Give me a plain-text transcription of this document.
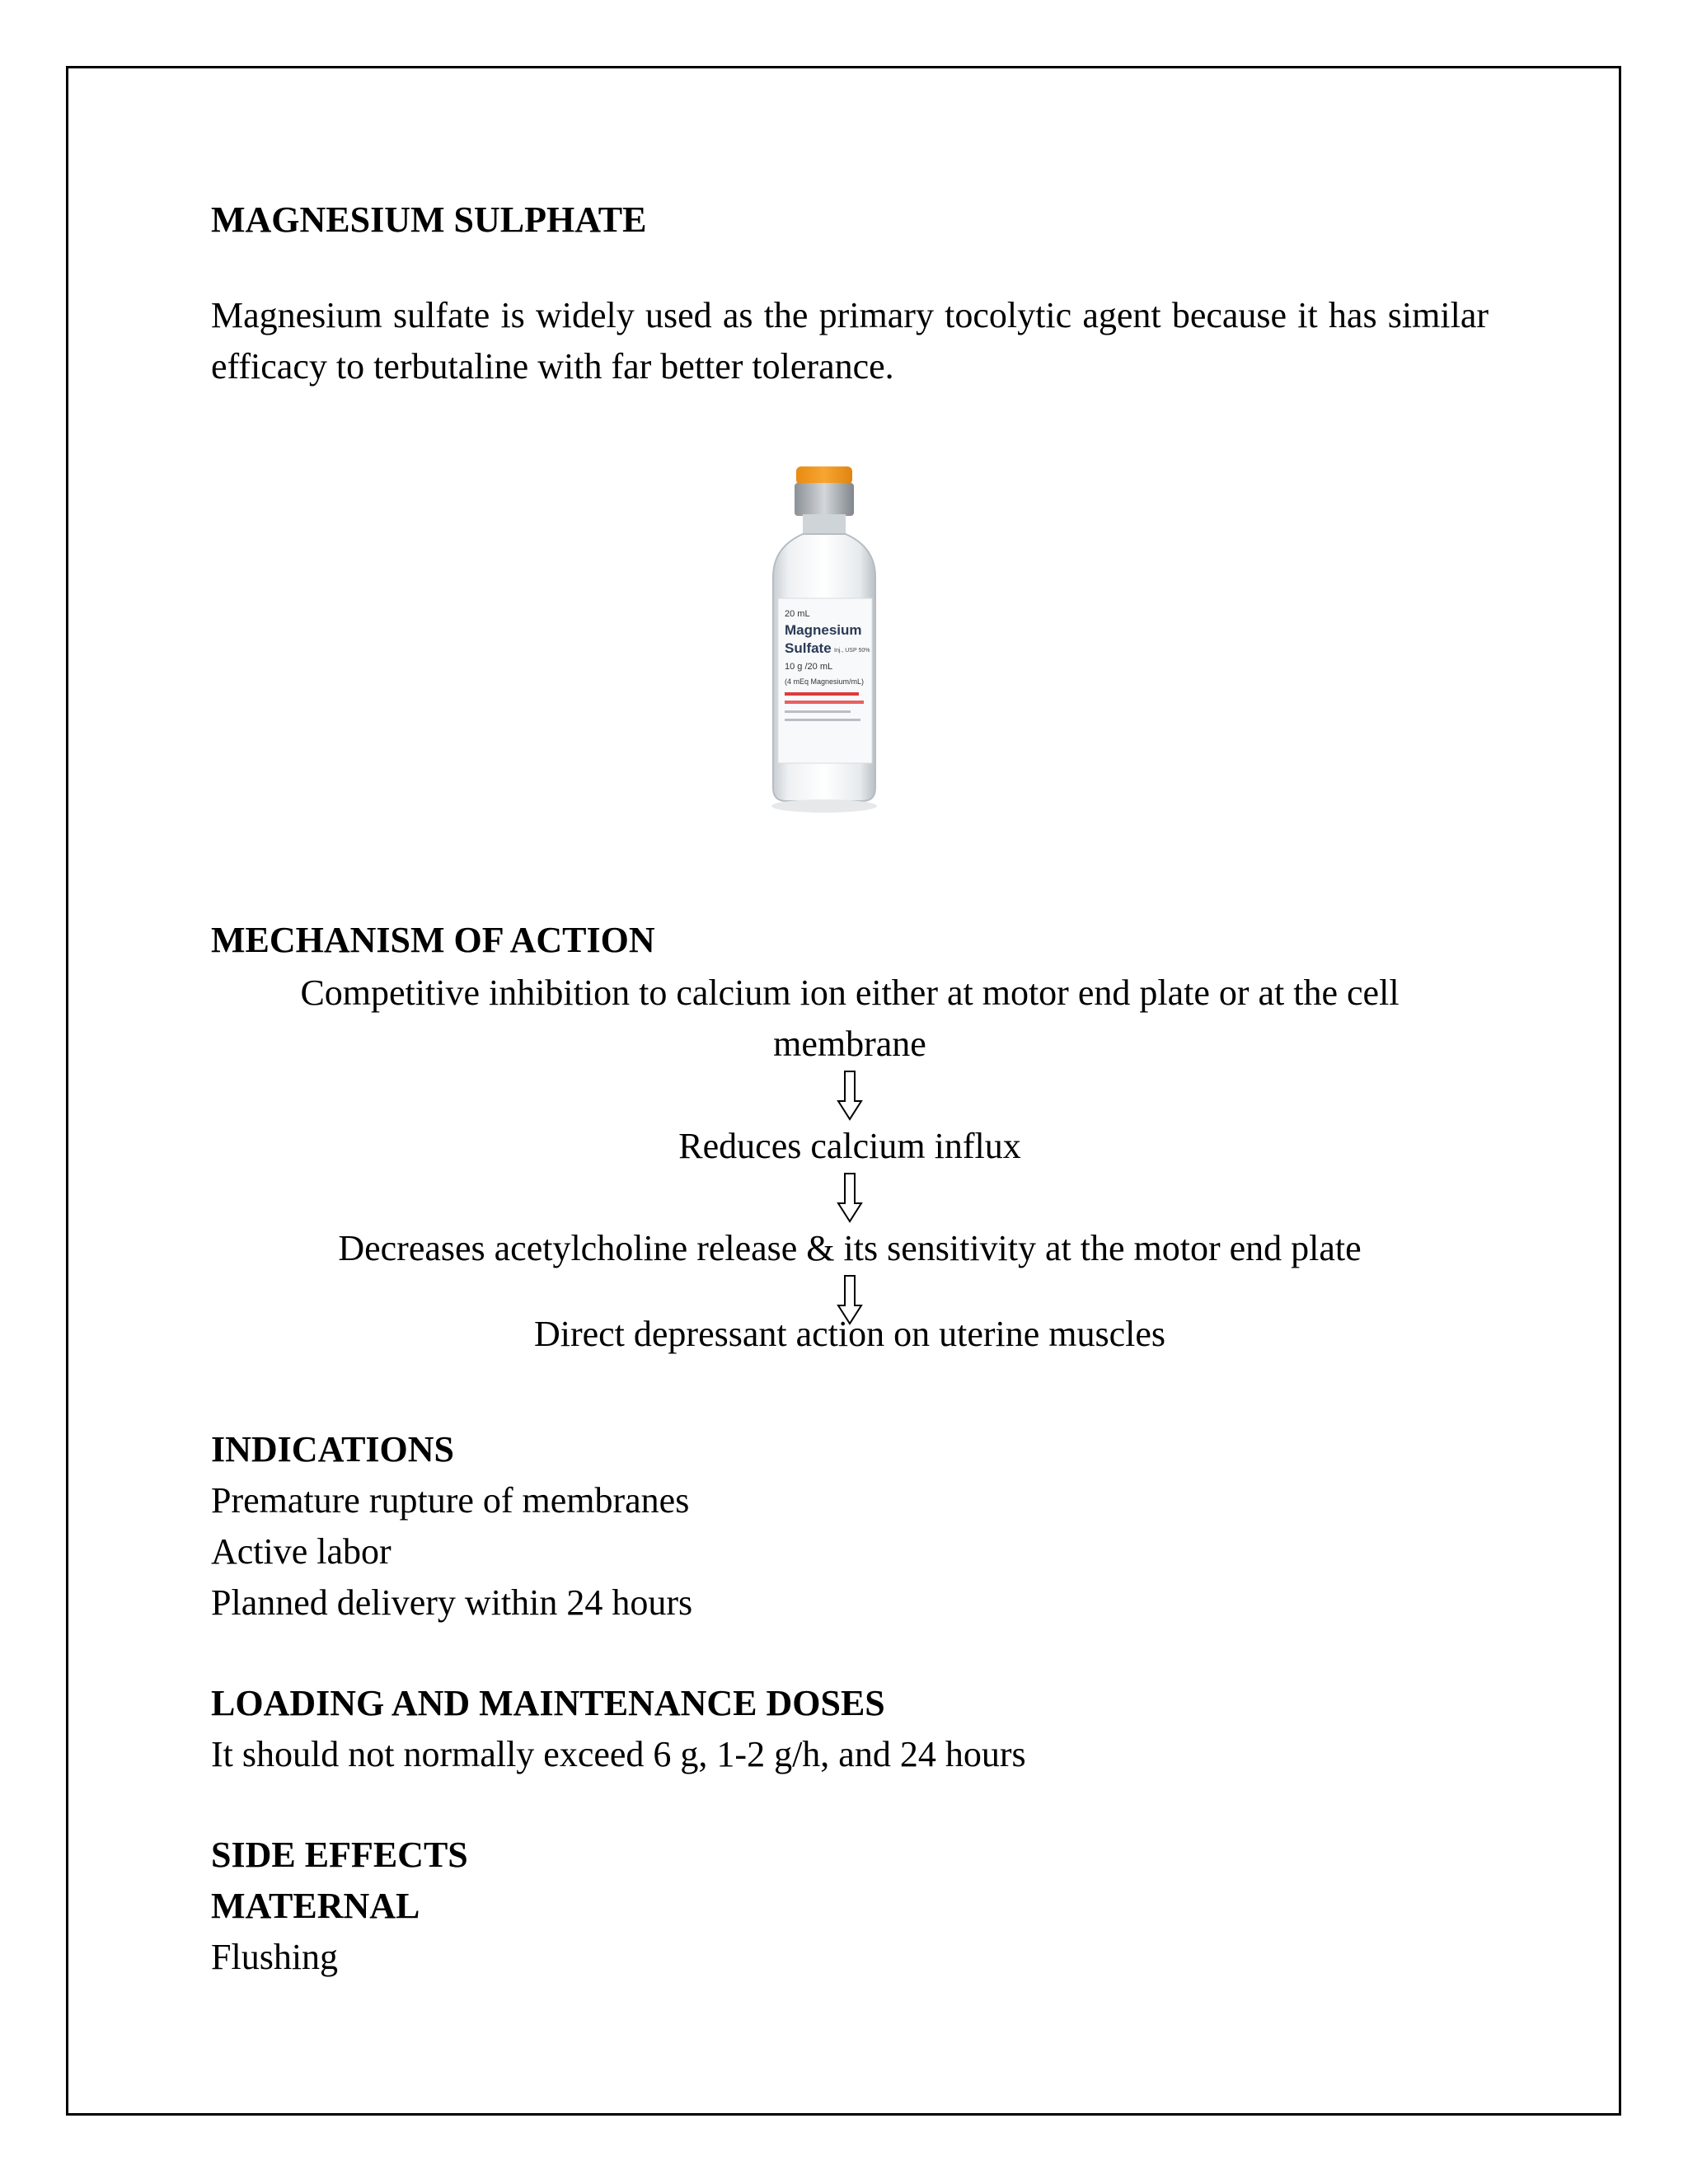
MAGNESIUM SULPHATE

Magnesium sulfate is widely used as the primary tocolytic agent because it has similar efficacy to terbutaline with far better tolerance.

20 mL
Magnesium
Sulfate Inj., USP 50%
10 g /20 mL
(4 mEq Magnesium/mL)

MECHANISM OF ACTION

Competitive inhibition to calcium ion either at motor end plate or at the cell

membrane

Reduces calcium influx

Decreases acetylcholine release & its sensitivity at the motor end plate

Direct depressant action on uterine muscles

INDICATIONS

Premature rupture of membranes

Active labor

Planned delivery within 24 hours

LOADING AND MAINTENANCE DOSES

It should not normally exceed 6 g, 1-2 g/h, and 24 hours

SIDE EFFECTS

MATERNAL

Flushing
